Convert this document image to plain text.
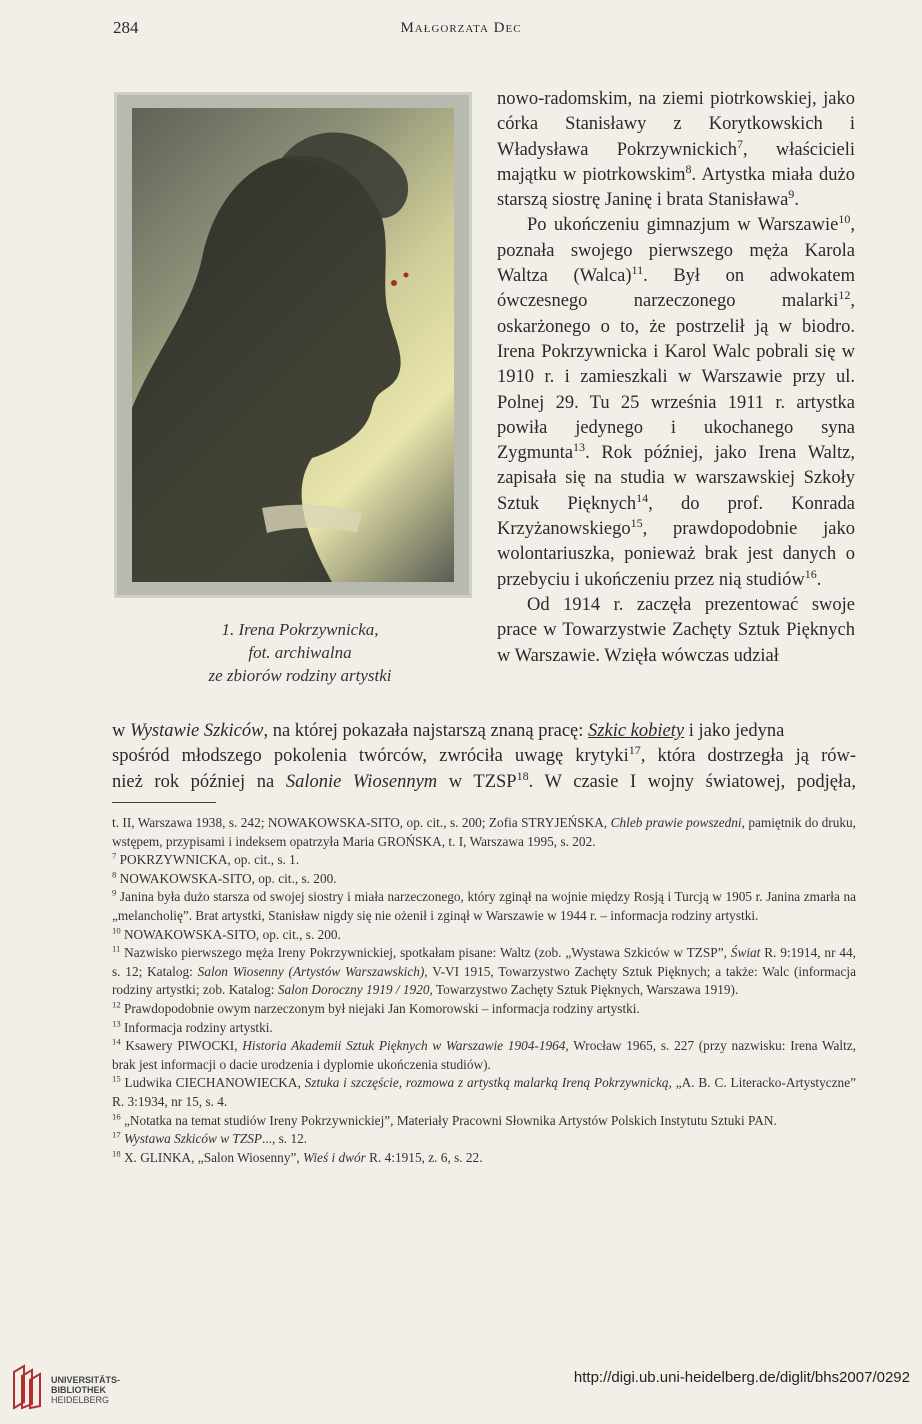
284	Małgorzata Dec
1. Irena Pokrzywnicka,
fot. archiwalna
ze zbiorów rodziny artystki

nowo-radomskim, na ziemi piotrkowskiej, jako córka Stanisławy z Korytkowskich i Władysława Pokrzywnickich$^7$, właścicieli majątku w piotrkowskim$^8$. Artystka miała dużo starszą siostrę Janinę i brata Stanisława$^9$.

Po ukończeniu gimnazjum w Warszawie$^{10}$, poznała swojego pierwszego męża Karola Waltza (Walca)$^{11}$. Był on adwokatem ówczesnego narzeczonego malarki$^{12}$, oskarżonego o to, że postrzelił ją w biodro. Irena Pokrzywnicka i Karol Walc pobrali się w 1910 r. i zamieszkali w Warszawie przy ul. Polnej 29. Tu 25 września 1911 r. artystka powiła jedynego i ukochanego syna Zygmunta$^{13}$. Rok później, jako Irena Waltz, zapisała się na studia w warszawskiej Szkoły Sztuk Pięknych$^{14}$, do prof. Konrada Krzyżanowskiego$^{15}$, prawdopodobnie jako wolontariuszka, ponieważ brak jest danych o przebyciu i ukończeniu przez nią studiów$^{16}$.

Od 1914 r. zaczęła prezentować swoje prace w Towarzystwie Zachęty Sztuk Pięknych w Warszawie. Wzięła wówczas udział

w Wystawie Szkiców, na której pokazała najstarszą znaną pracę: Szkic kobiety i jako jedyna
spośród młodszego pokolenia twórców, zwróciła uwagę krytyki$^{17}$, która dostrzegła ją rów-
nież rok później na Salonie Wiosennym w TZSP$^{18}$. W czasie I wojny światowej, podjęła,

t. II, Warszawa 1938, s. 242; NOWAKOWSKA-SITO, op. cit., s. 200; Zofia STRYJEŃSKA, Chleb prawie powszedni, pamiętnik do druku, wstępem, przypisami i indeksem opatrzyła Maria GROŃSKA, t. I, Warszawa 1995, s. 202.

$^7$ POKRZYWNICKA, op. cit., s. 1.

$^8$ NOWAKOWSKA-SITO, op. cit., s. 200.

$^9$ Janina była dużo starsza od swojej siostry i miała narzeczonego, który zginął na wojnie między Rosją i Turcją w 1905 r. Janina zmarła na „melancholię”. Brat artystki, Stanisław nigdy się nie ożenił i zginął w Warszawie w 1944 r. – informacja rodziny artystki.

$^{10}$ NOWAKOWSKA-SITO, op. cit., s. 200.

$^{11}$ Nazwisko pierwszego męża Ireny Pokrzywnickiej, spotkałam pisane: Waltz (zob. „Wystawa Szkiców w TZSP”, Świat R. 9:1914, nr 44, s. 12; Katalog: Salon Wiosenny (Artystów Warszawskich), V-VI 1915, Towarzystwo Zachęty Sztuk Pięknych; a także: Walc (informacja rodziny artystki; zob. Katalog: Salon Doroczny 1919 / 1920, Towarzystwo Zachęty Sztuk Pięknych, Warszawa 1919).

$^{12}$ Prawdopodobnie owym narzeczonym był niejaki Jan Komorowski – informacja rodziny artystki.

$^{13}$ Informacja rodziny artystki.

$^{14}$ Ksawery PIWOCKI, Historia Akademii Sztuk Pięknych w Warszawie 1904-1964, Wrocław 1965, s. 227 (przy nazwisku: Irena Waltz, brak jest informacji o dacie urodzenia i dyplomie ukończenia studiów).

$^{15}$ Ludwika CIECHANOWIECKA, Sztuka i szczęście, rozmowa z artystką malarką Ireną Pokrzywnicką, „A. B. C. Literacko-Artystyczne” R. 3:1934, nr 15, s. 4.

$^{16}$ „Notatka na temat studiów Ireny Pokrzywnickiej”, Materiały Pracowni Słownika Artystów Polskich Instytutu Sztuki PAN.

$^{17}$ Wystawa Szkiców w TZSP..., s. 12.

$^{18}$ X. GLINKA, „Salon Wiosenny”, Wieś i dwór R. 4:1915, z. 6, s. 22.

UNIVERSITÄTS-
BIBLIOTHEK
HEIDELBERG
http://digi.ub.uni-heidelberg.de/diglit/bhs2007/0292
